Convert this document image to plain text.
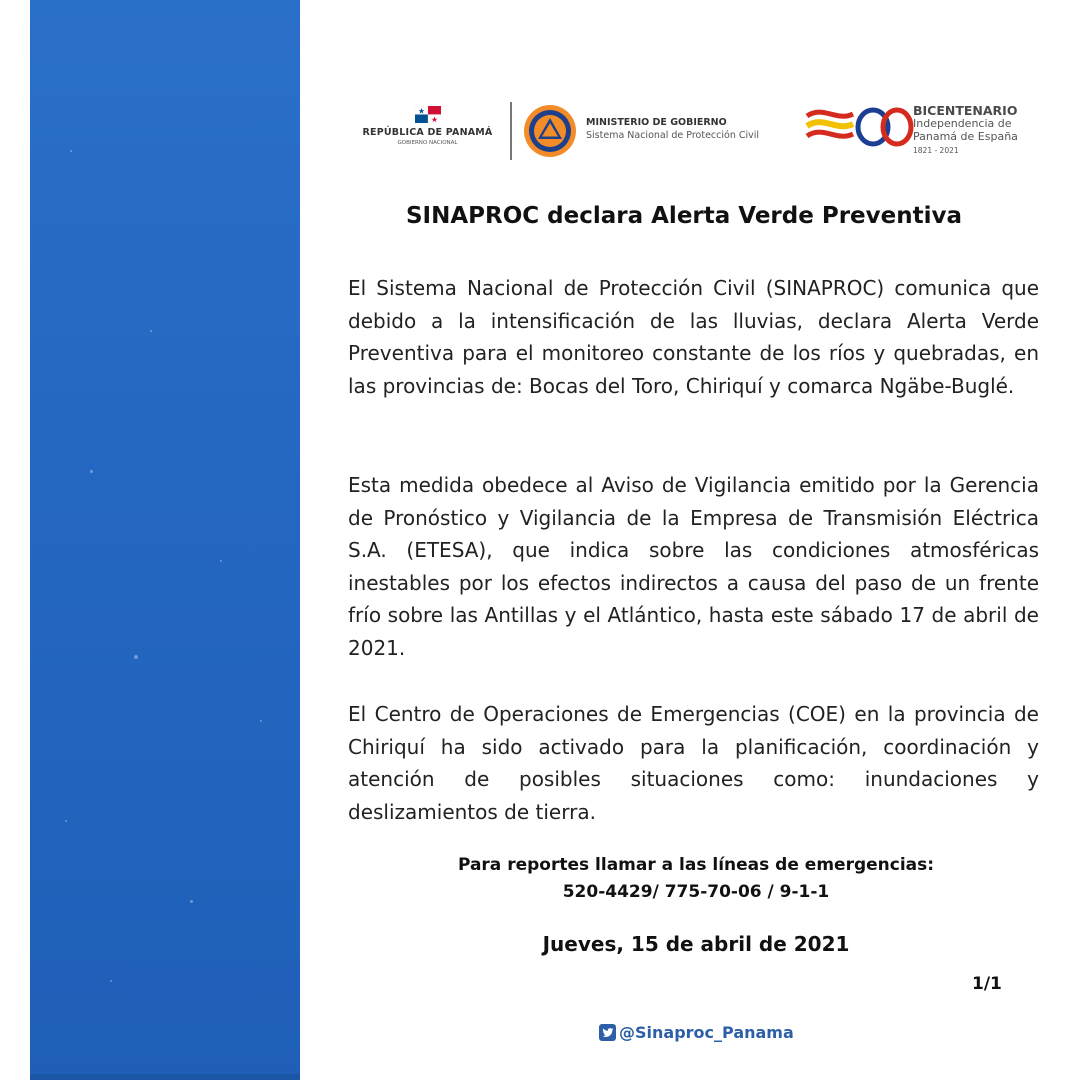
REPÚBLICA DE PANAMÁ
GOBIERNO NACIONAL
MINISTERIO DE GOBIERNO
Sistema Nacional de Protección Civil
BICENTENARIO
Independencia de
Panamá de España
1821 - 2021
SINAPROC declara Alerta Verde Preventiva
El Sistema Nacional de Protección Civil (SINAPROC) comunica que debido a la intensificación de las lluvias, declara Alerta Verde Preventiva para el monitoreo constante de los ríos y quebradas, en las provincias de: Bocas del Toro, Chiriquí y comarca Ngäbe-Buglé.
Esta medida obedece al Aviso de Vigilancia emitido por la Gerencia de Pronóstico y Vigilancia de la Empresa de Transmisión Eléctrica S.A. (ETESA), que indica sobre las condiciones atmosféricas inestables por los efectos indirectos a causa del paso de un frente frío sobre las Antillas y el Atlántico, hasta este sábado 17 de abril de 2021.
El Centro de Operaciones de Emergencias (COE) en la provincia de Chiriquí ha sido activado para la planificación, coordinación y atención de posibles situaciones como: inundaciones y deslizamientos de tierra.
Para reportes llamar a las líneas de emergencias:
520-4429/ 775-70-06 / 9-1-1
Jueves, 15 de abril de 2021
1/1
@Sinaproc_Panama
